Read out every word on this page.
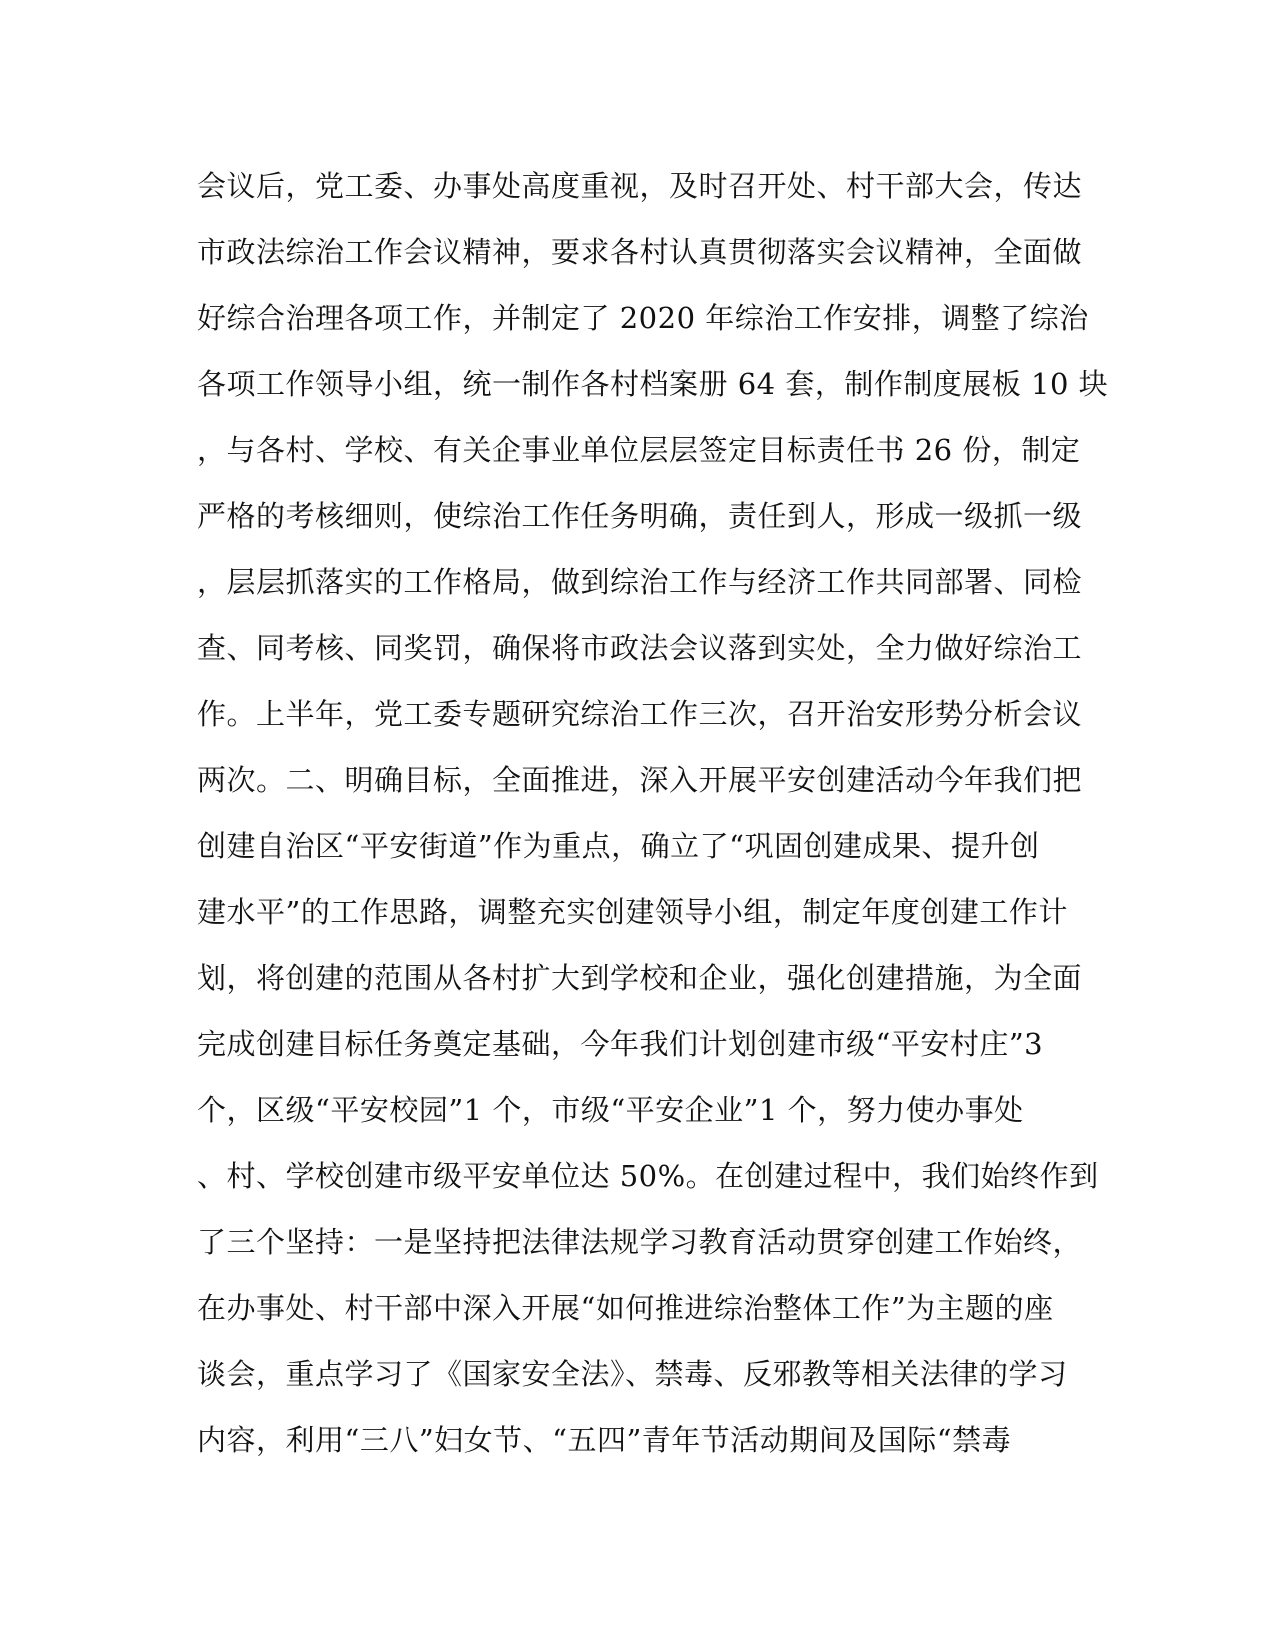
会议后，党工委、办事处高度重视，及时召开处、村干部大会，传达
市政法综治工作会议精神，要求各村认真贯彻落实会议精神，全面做
好综合治理各项工作，并制定了 2020 年综治工作安排，调整了综治
各项工作领导小组，统一制作各村档案册 64 套，制作制度展板 10 块
，与各村、学校、有关企事业单位层层签定目标责任书 26 份，制定
严格的考核细则，使综治工作任务明确，责任到人，形成一级抓一级
，层层抓落实的工作格局，做到综治工作与经济工作共同部署、同检
查、同考核、同奖罚，确保将市政法会议落到实处，全力做好综治工
作。上半年，党工委专题研究综治工作三次，召开治安形势分析会议
两次。二、明确目标，全面推进，深入开展平安创建活动今年我们把
创建自治区“平安街道”作为重点，确立了“巩固创建成果、提升创
建水平”的工作思路，调整充实创建领导小组，制定年度创建工作计
划，将创建的范围从各村扩大到学校和企业，强化创建措施，为全面
完成创建目标任务奠定基础，今年我们计划创建市级“平安村庄”3
个，区级“平安校园”1 个，市级“平安企业”1 个，努力使办事处
、村、学校创建市级平安单位达 50%。在创建过程中，我们始终作到
了三个坚持：一是坚持把法律法规学习教育活动贯穿创建工作始终，
在办事处、村干部中深入开展“如何推进综治整体工作”为主题的座
谈会，重点学习了《国家安全法》、禁毒、反邪教等相关法律的学习
内容，利用“三八”妇女节、“五四”青年节活动期间及国际“禁毒
